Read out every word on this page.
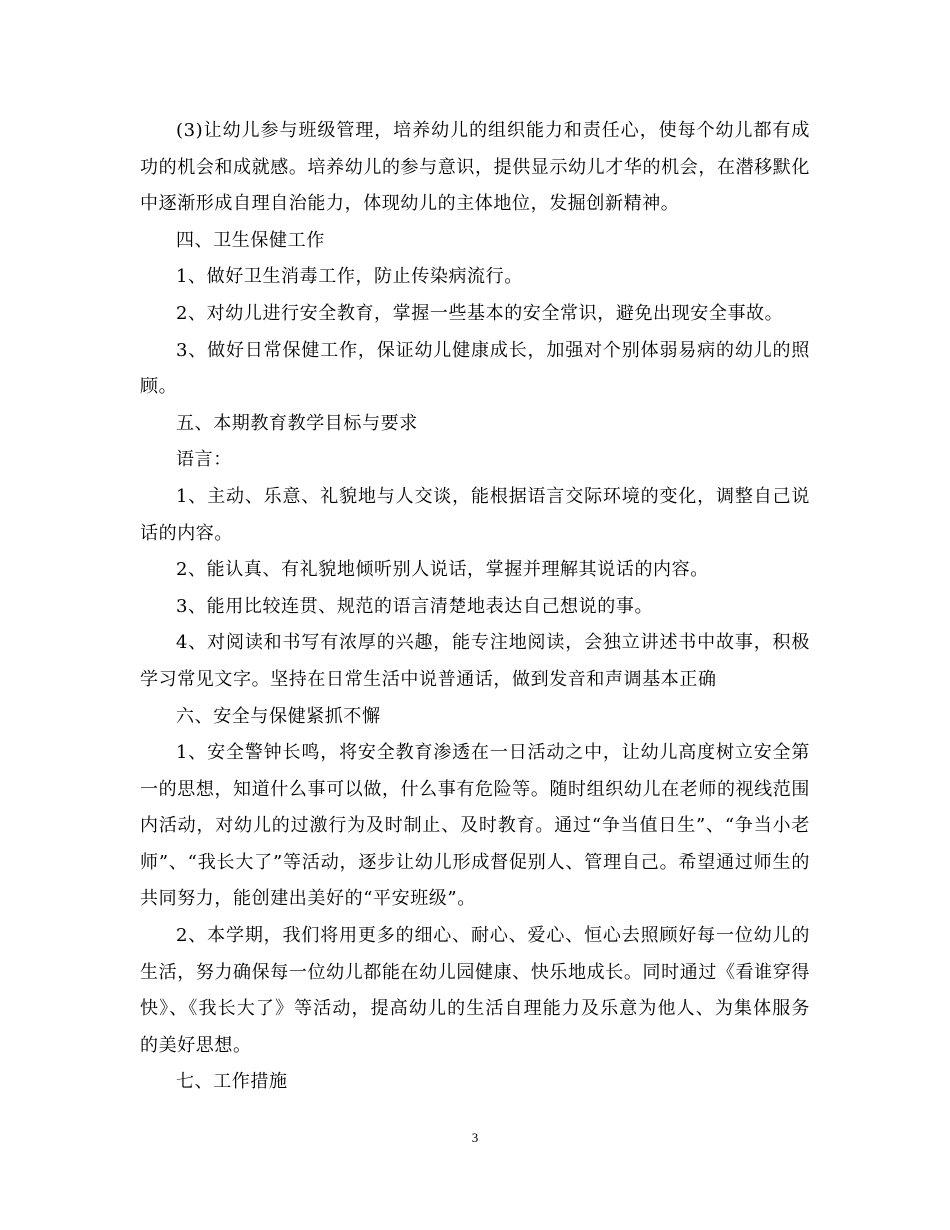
(3)让幼儿参与班级管理，培养幼儿的组织能力和责任心，使每个幼儿都有成功的机会和成就感。培养幼儿的参与意识，提供显示幼儿才华的机会，在潜移默化中逐渐形成自理自治能力，体现幼儿的主体地位，发掘创新精神。

四、卫生保健工作

1、做好卫生消毒工作，防止传染病流行。

2、对幼儿进行安全教育，掌握一些基本的安全常识，避免出现安全事故。

3、做好日常保健工作，保证幼儿健康成长，加强对个别体弱易病的幼儿的照顾。

五、本期教育教学目标与要求

语言：

1、主动、乐意、礼貌地与人交谈，能根据语言交际环境的变化，调整自己说话的内容。

2、能认真、有礼貌地倾听别人说话，掌握并理解其说话的内容。

3、能用比较连贯、规范的语言清楚地表达自己想说的事。

4、对阅读和书写有浓厚的兴趣，能专注地阅读，会独立讲述书中故事，积极学习常见文字。坚持在日常生活中说普通话，做到发音和声调基本正确

六、安全与保健紧抓不懈

1、安全警钟长鸣，将安全教育渗透在一日活动之中，让幼儿高度树立安全第一的思想，知道什么事可以做，什么事有危险等。随时组织幼儿在老师的视线范围内活动，对幼儿的过激行为及时制止、及时教育。通过“争当值日生”、“争当小老师”、“我长大了”等活动，逐步让幼儿形成督促别人、管理自己。希望通过师生的共同努力，能创建出美好的“平安班级”。

2、本学期，我们将用更多的细心、耐心、爱心、恒心去照顾好每一位幼儿的生活，努力确保每一位幼儿都能在幼儿园健康、快乐地成长。同时通过《看谁穿得快》、《我长大了》等活动，提高幼儿的生活自理能力及乐意为他人、为集体服务的美好思想。

七、工作措施

3
